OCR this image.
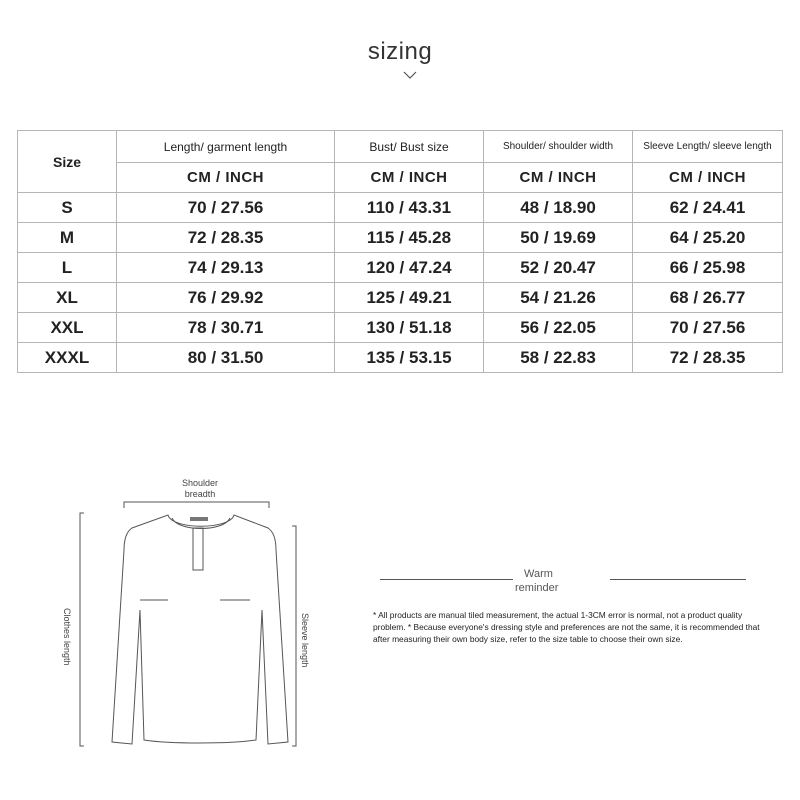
sizing
Size	Length/ garment length	Bust/ Bust size	Shoulder/ shoulder width	Sleeve Length/ sleeve length
	CM / INCH	CM / INCH	CM / INCH	CM / INCH
S	70 / 27.56	110 / 43.31	48 / 18.90	62 / 24.41
M	72 / 28.35	115 / 45.28	50 / 19.69	64 / 25.20
L	74 / 29.13	120 / 47.24	52 / 20.47	66 / 25.98
XL	76 / 29.92	125 / 49.21	54 / 21.26	68 / 26.77
XXL	78 / 30.71	130 / 51.18	56 / 22.05	70 / 27.56
XXXL	80 / 31.50	135 / 53.15	58 / 22.83	72 / 28.35
Shoulder
breadth
Clothes length	Sleeve length
Warm
reminder
* All products are manual tiled measurement, the actual 1-3CM error is normal, not a product quality problem. * Because everyone's dressing style and preferences are not the same, it is recommended that after measuring their own body size, refer to the size table to choose their own size.
